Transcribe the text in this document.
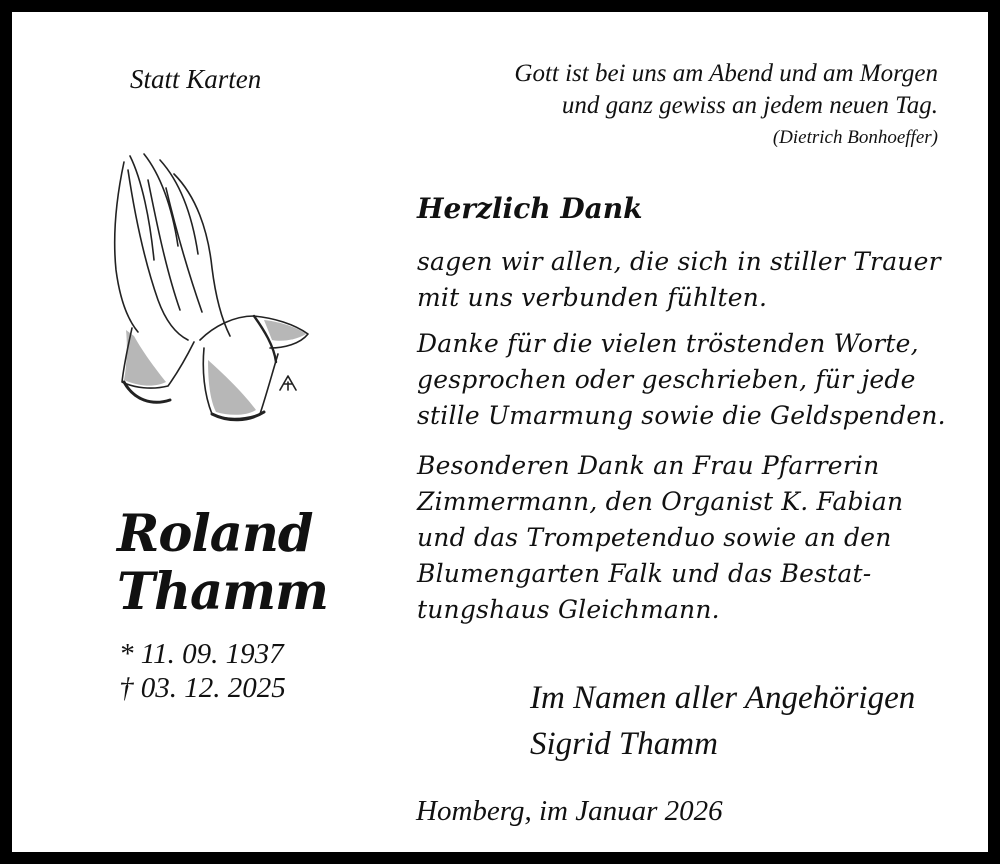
Statt Karten	Gott ist bei uns am Abend und am Morgen
und ganz gewiss an jedem neuen Tag.
(Dietrich Bonhoeffer)
Roland
Thamm
* 11. 09. 1937
† 03. 12. 2025
Herzlich Dank
sagen wir allen, die sich in stiller Trauer
mit uns verbunden fühlten.
Danke für die vielen tröstenden Worte,
gesprochen oder geschrieben, für jede
stille Umarmung sowie die Geldspenden.
Besonderen Dank an Frau Pfarrerin
Zimmermann, den Organist K. Fabian
und das Trompetenduo sowie an den
Blumengarten Falk und das Bestat-
tungshaus Gleichmann.
Im Namen aller Angehörigen
Sigrid Thamm
Homberg, im Januar 2026
